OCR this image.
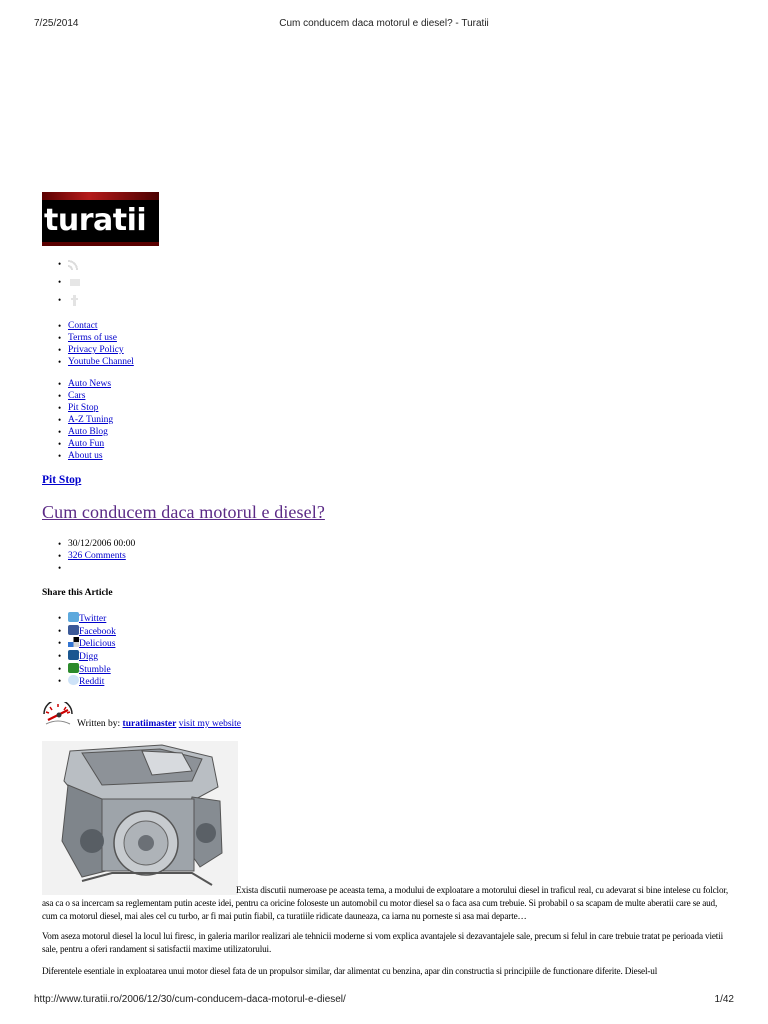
7/25/2014	Cum conducem daca motorul e diesel? - Turatii
turatii
•
•
•
• Contact
• Terms of use
• Privacy Policy
• Youtube Channel
• Auto News
• Cars
• Pit Stop
• A-Z Tuning
• Auto Blog
• Auto Fun
• About us
Pit Stop
Cum conducem daca motorul e diesel?
• 30/12/2006 00:00
• 326 Comments
Share this Article
• Twitter
• Facebook
• Delicious
• Digg
• Stumble
• Reddit
Written by: turatiimaster visit my website
Exista discutii numeroase pe aceasta tema, a modului de exploatare a motorului diesel in traficul real, cu adevarat si bine intelese cu folclor, asa ca o sa incercam sa reglementam putin aceste idei, pentru ca oricine foloseste un automobil cu motor diesel sa o faca asa cum trebuie. Si probabil o sa scapam de multe aberatii care se aud, cum ca motorul diesel, mai ales cel cu turbo, ar fi mai putin fiabil, ca turatiile ridicate dauneaza, ca iarna nu porneste si asa mai departe…

Vom aseza motorul diesel la locul lui firesc, in galeria marilor realizari ale tehnicii moderne si vom explica avantajele si dezavantajele sale, precum si felul in care trebuie tratat pe perioada vietii sale, pentru a oferi randament si satisfactii maxime utilizatorului.

Diferentele esentiale in exploatarea unui motor diesel fata de un propulsor similar, dar alimentat cu benzina, apar din constructia si principiile de functionare diferite. Diesel-ul

http://www.turatii.ro/2006/12/30/cum-conducem-daca-motorul-e-diesel/	1/42
